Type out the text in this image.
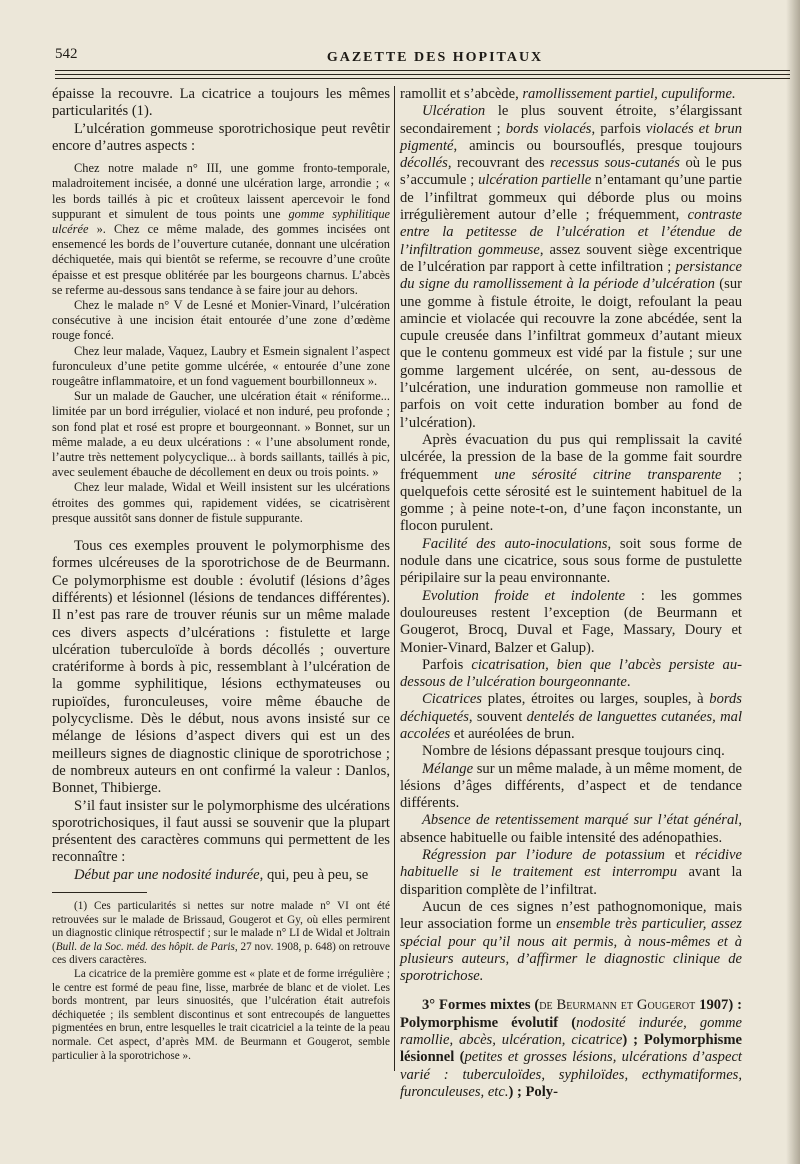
542	GAZETTE DES HOPITAUX

épaisse la recouvre. La cicatrice a toujours les mêmes particularités (1).

L’ulcération gommeuse sporotrichosique peut revêtir encore d’autres aspects :

Chez notre malade n° III, une gomme fronto-temporale, maladroitement incisée, a donné une ulcération large, arrondie ; « les bords taillés à pic et croûteux laissent apercevoir le fond suppurant et simulent de tous points une gomme syphilitique ulcérée ». Chez ce même malade, des gommes incisées ont ensemencé les bords de l’ouverture cutanée, donnant une ulcération déchiquetée, mais qui bientôt se referme, se recouvre d’une croûte épaisse et est presque oblitérée par les bourgeons charnus. L’abcès se referme au-dessous sans tendance à se faire jour au dehors.

Chez le malade n° V de Lesné et Monier-Vinard, l’ulcération consécutive à une incision était entourée d’une zone d’œdème rouge foncé.

Chez leur malade, Vaquez, Laubry et Esmein signalent l’aspect furonculeux d’une petite gomme ulcérée, « entourée d’une zone rougeâtre inflammatoire, et un fond vaguement bourbillonneux ».

Sur un malade de Gaucher, une ulcération était « réniforme... limitée par un bord irrégulier, violacé et non induré, peu profonde ; son fond plat et rosé est propre et bourgeonnant. » Bonnet, sur un même malade, a eu deux ulcérations : « l’une absolument ronde, l’autre très nettement polycyclique... à bords saillants, taillés à pic, avec seulement ébauche de décollement en deux ou trois points. »

Chez leur malade, Widal et Weill insistent sur les ulcérations étroites des gommes qui, rapidement vidées, se cicatrisèrent presque aussitôt sans donner de fistule suppurante.

Tous ces exemples prouvent le polymorphisme des formes ulcéreuses de la sporotrichose de de Beurmann. Ce polymorphisme est double : évolutif (lésions d’âges différents) et lésionnel (lésions de tendances différentes). Il n’est pas rare de trouver réunis sur un même malade ces divers aspects d’ulcérations : fistulette et large ulcération tuberculoïde à bords décollés ; ouverture cratériforme à bords à pic, ressemblant à l’ulcération de la gomme syphilitique, lésions ecthymateuses ou rupioïdes, furonculeuses, voire même ébauche de polycyclisme. Dès le début, nous avons insisté sur ce mélange de lésions d’aspect divers qui est un des meilleurs signes de diagnostic clinique de sporotrichose ; de nombreux auteurs en ont confirmé la valeur : Danlos, Bonnet, Thibierge.

S’il faut insister sur le polymorphisme des ulcérations sporotrichosiques, il faut aussi se souvenir que la plupart présentent des caractères communs qui permettent de les reconnaître :

Début par une nodosité indurée, qui, peu à peu, se

(1) Ces particularités si nettes sur notre malade n° VI ont été retrouvées sur le malade de Brissaud, Gougerot et Gy, où elles permirent un diagnostic clinique rétrospectif ; sur le malade n° LI de Widal et Joltrain (Bull. de la Soc. méd. des hôpit. de Paris, 27 nov. 1908, p. 648) on retrouve ces divers caractères.

La cicatrice de la première gomme est « plate et de forme irrégulière ; le centre est formé de peau fine, lisse, marbrée de blanc et de violet. Les bords montrent, par leurs sinuosités, que l’ulcération était autrefois déchiquetée ; ils semblent discontinus et sont entrecoupés de languettes pigmentées en brun, entre lesquelles le trait cicatriciel a la teinte de la peau normale. Cet aspect, d’après MM. de Beurmann et Gougerot, semble particulier à la sporotrichose ».

ramollit et s’abcède, ramollissement partiel, cupuliforme.

Ulcération le plus souvent étroite, s’élargissant secondairement ; bords violacés, parfois violacés et brun pigmenté, amincis ou boursouflés, presque toujours décollés, recouvrant des recessus sous-cutanés où le pus s’accumule ; ulcération partielle n’entamant qu’une partie de l’infiltrat gommeux qui déborde plus ou moins irrégulièrement autour d’elle ; fréquemment, contraste entre la petitesse de l’ulcération et l’étendue de l’infiltration gommeuse, assez souvent siège excentrique de l’ulcération par rapport à cette infiltration ; persistance du signe du ramollissement à la période d’ulcération (sur une gomme à fistule étroite, le doigt, refoulant la peau amincie et violacée qui recouvre la zone abcédée, sent la cupule creusée dans l’infiltrat gommeux d’autant mieux que le contenu gommeux est vidé par la fistule ; sur une gomme largement ulcérée, on sent, au-dessous de l’ulcération, une induration gommeuse non ramollie et parfois on voit cette induration bomber au fond de l’ulcération).

Après évacuation du pus qui remplissait la cavité ulcérée, la pression de la base de la gomme fait sourdre fréquemment une sérosité citrine transparente ; quelquefois cette sérosité est le suintement habituel de la gomme ; à peine note-t-on, d’une façon inconstante, un flocon purulent.

Facilité des auto-inoculations, soit sous forme de nodule dans une cicatrice, sous sous forme de pustulette péripilaire sur la peau environnante.

Evolution froide et indolente : les gommes douloureuses restent l’exception (de Beurmann et Gougerot, Brocq, Duval et Fage, Massary, Doury et Monier-Vinard, Balzer et Galup).

Parfois cicatrisation, bien que l’abcès persiste au-dessous de l’ulcération bourgeonnante.

Cicatrices plates, étroites ou larges, souples, à bords déchiquetés, souvent dentelés de languettes cutanées, mal accolées et auréolées de brun.

Nombre de lésions dépassant presque toujours cinq.

Mélange sur un même malade, à un même moment, de lésions d’âges différents, d’aspect et de tendance différents.

Absence de retentissement marqué sur l’état général, absence habituelle ou faible intensité des adénopathies.

Régression par l’iodure de potassium et récidive habituelle si le traitement est interrompu avant la disparition complète de l’infiltrat.

Aucun de ces signes n’est pathognomonique, mais leur association forme un ensemble très particulier, assez spécial pour qu’il nous ait permis, à nous-mêmes et à plusieurs auteurs, d’affirmer le diagnostic clinique de sporotrichose.

3° Formes mixtes (de Beurmann et Gougerot 1907) : Polymorphisme évolutif (nodosité indurée, gomme ramollie, abcès, ulcération, cicatrice) ; Polymorphisme lésionnel (petites et grosses lésions, ulcérations d’aspect varié : tuberculoïdes, syphiloïdes, ecthymatiformes, furonculeuses, etc.) ; Poly-
